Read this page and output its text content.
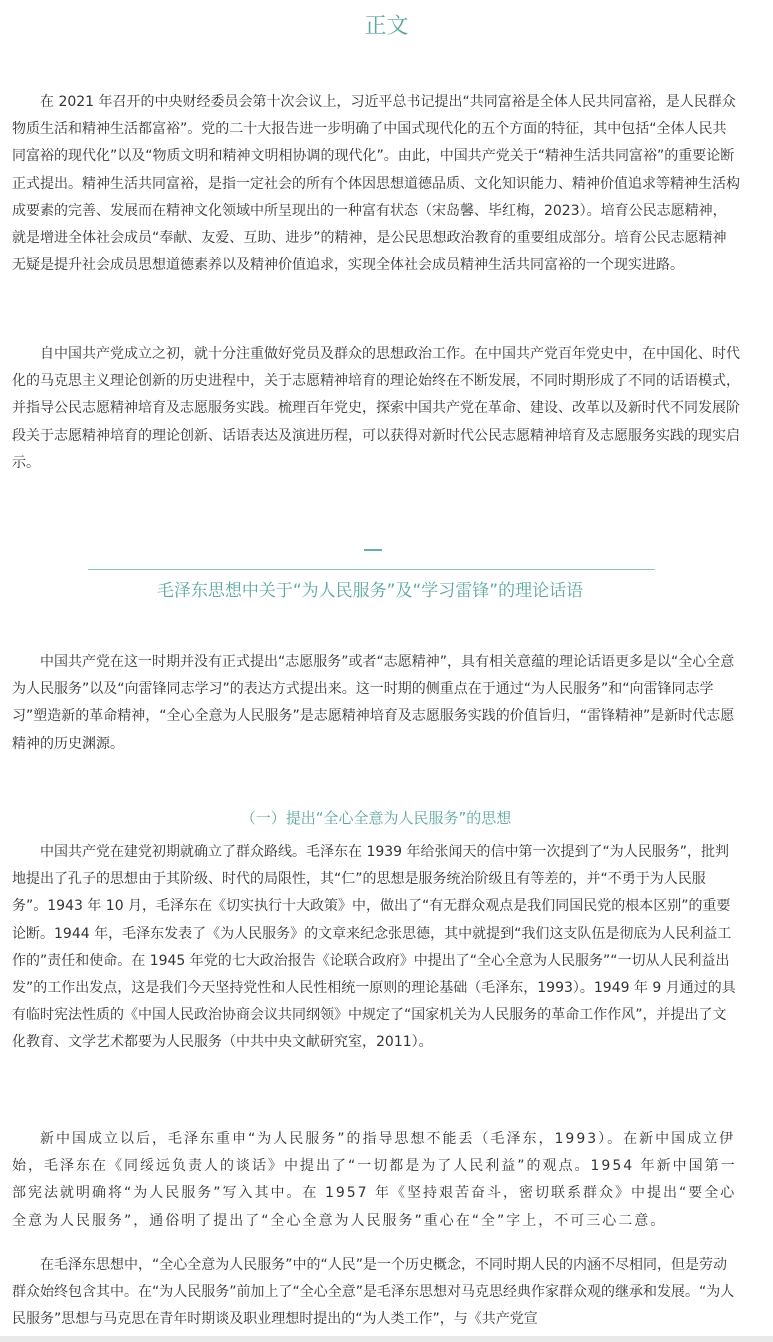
正文

在 2021 年召开的中央财经委员会第十次会议上，习近平总书记提出“共同富裕是全体人民共同富裕，是人民群众物质生活和精神生活都富裕”。党的二十大报告进一步明确了中国式现代化的五个方面的特征，其中包括“全体人民共同富裕的现代化”以及“物质文明和精神文明相协调的现代化”。由此，中国共产党关于“精神生活共同富裕”的重要论断正式提出。精神生活共同富裕，是指一定社会的所有个体因思想道德品质、文化知识能力、精神价值追求等精神生活构成要素的完善、发展而在精神文化领域中所呈现出的一种富有状态（宋岛馨、毕红梅，2023）。培育公民志愿精神，就是增进全体社会成员“奉献、友爱、互助、进步”的精神，是公民思想政治教育的重要组成部分。培育公民志愿精神无疑是提升社会成员思想道德素养以及精神价值追求，实现全体社会成员精神生活共同富裕的一个现实进路。

自中国共产党成立之初，就十分注重做好党员及群众的思想政治工作。在中国共产党百年党史中，在中国化、时代化的马克思主义理论创新的历史进程中，关于志愿精神培育的理论始终在不断发展，不同时期形成了不同的话语模式，并指导公民志愿精神培育及志愿服务实践。梳理百年党史，探索中国共产党在革命、建设、改革以及新时代不同发展阶段关于志愿精神培育的理论创新、话语表达及演进历程，可以获得对新时代公民志愿精神培育及志愿服务实践的现实启示。

毛泽东思想中关于“为人民服务”及“学习雷锋”的理论话语

中国共产党在这一时期并没有正式提出“志愿服务”或者“志愿精神”，具有相关意蕴的理论话语更多是以“全心全意为人民服务”以及“向雷锋同志学习”的表达方式提出来。这一时期的侧重点在于通过“为人民服务”和“向雷锋同志学习”塑造新的革命精神，“全心全意为人民服务”是志愿精神培育及志愿服务实践的价值旨归，“雷锋精神”是新时代志愿精神的历史渊源。

（一）提出“全心全意为人民服务”的思想

中国共产党在建党初期就确立了群众路线。毛泽东在 1939 年给张闻天的信中第一次提到了“为人民服务”，批判地提出了孔子的思想由于其阶级、时代的局限性，其“仁”的思想是服务统治阶级且有等差的，并“不勇于为人民服务”。1943 年 10 月，毛泽东在《切实执行十大政策》中，做出了“有无群众观点是我们同国民党的根本区别”的重要论断。1944 年，毛泽东发表了《为人民服务》的文章来纪念张思德，其中就提到“我们这支队伍是彻底为人民利益工作的”责任和使命。在 1945 年党的七大政治报告《论联合政府》中提出了“全心全意为人民服务”“一切从人民利益出发”的工作出发点，这是我们今天坚持党性和人民性相统一原则的理论基础（毛泽东，1993）。1949 年 9 月通过的具有临时宪法性质的《中国人民政治协商会议共同纲领》中规定了“国家机关为人民服务的革命工作作风”，并提出了文化教育、文学艺术都要为人民服务（中共中央文献研究室，2011）。

新中国成立以后，毛泽东重申“为人民服务”的指导思想不能丢（毛泽东，1993）。在新中国成立伊始，毛泽东在《同绥远负责人的谈话》中提出了“一切都是为了人民利益”的观点。1954 年新中国第一部宪法就明确将“为人民服务”写入其中。在 1957 年《坚持艰苦奋斗，密切联系群众》中提出“要全心全意为人民服务”，通俗明了提出了“全心全意为人民服务”重心在“全”字上，不可三心二意。

在毛泽东思想中，“全心全意为人民服务”中的“人民”是一个历史概念，不同时期人民的内涵不尽相同，但是劳动群众始终包含其中。在“为人民服务”前加上了“全心全意”是毛泽东思想对马克思经典作家群众观的继承和发展。“为人民服务”思想与马克思在青年时期谈及职业理想时提出的“为人类工作”，与《共产党宣
